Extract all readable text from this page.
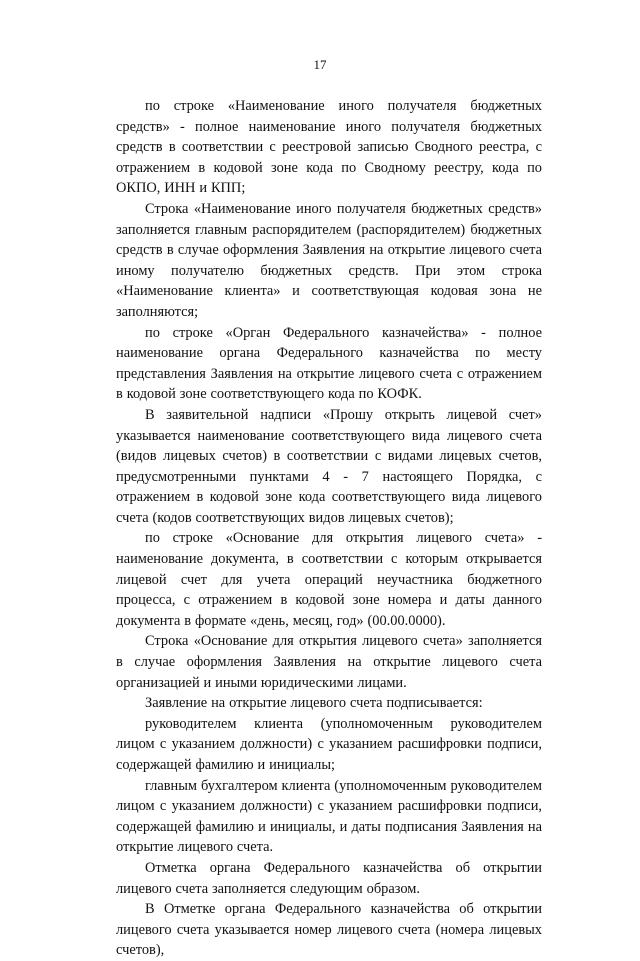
17

по строке «Наименование иного получателя бюджетных средств» - полное наименование иного получателя бюджетных средств в соответствии с реестровой записью Сводного реестра, с отражением в кодовой зоне кода по Сводному реестру, кода по ОКПО, ИНН и КПП;

Строка «Наименование иного получателя бюджетных средств» заполняется главным распорядителем (распорядителем) бюджетных средств в случае оформления Заявления на открытие лицевого счета иному получателю бюджетных средств. При этом строка «Наименование клиента» и соответствующая кодовая зона не заполняются;

по строке «Орган Федерального казначейства» - полное наименование органа Федерального казначейства по месту представления Заявления на открытие лицевого счета с отражением в кодовой зоне соответствующего кода по КОФК.

В заявительной надписи «Прошу открыть лицевой счет» указывается наименование соответствующего вида лицевого счета (видов лицевых счетов) в соответствии с видами лицевых счетов, предусмотренными пунктами 4 - 7 настоящего Порядка, с отражением в кодовой зоне кода соответствующего вида лицевого счета (кодов соответствующих видов лицевых счетов);

по строке «Основание для открытия лицевого счета» - наименование документа, в соответствии с которым открывается лицевой счет для учета операций неучастника бюджетного процесса, с отражением в кодовой зоне номера и даты данного документа в формате «день, месяц, год» (00.00.0000).

Строка «Основание для открытия лицевого счета» заполняется в случае оформления Заявления на открытие лицевого счета организацией и иными юридическими лицами.

Заявление на открытие лицевого счета подписывается:

руководителем клиента (уполномоченным руководителем лицом с указанием должности) с указанием расшифровки подписи, содержащей фамилию и инициалы;

главным бухгалтером клиента (уполномоченным руководителем лицом с указанием должности) с указанием расшифровки подписи, содержащей фамилию и инициалы, и даты подписания Заявления на открытие лицевого счета.

Отметка органа Федерального казначейства об открытии лицевого счета заполняется следующим образом.

В Отметке органа Федерального казначейства об открытии лицевого счета указывается номер лицевого счета (номера лицевых счетов),
